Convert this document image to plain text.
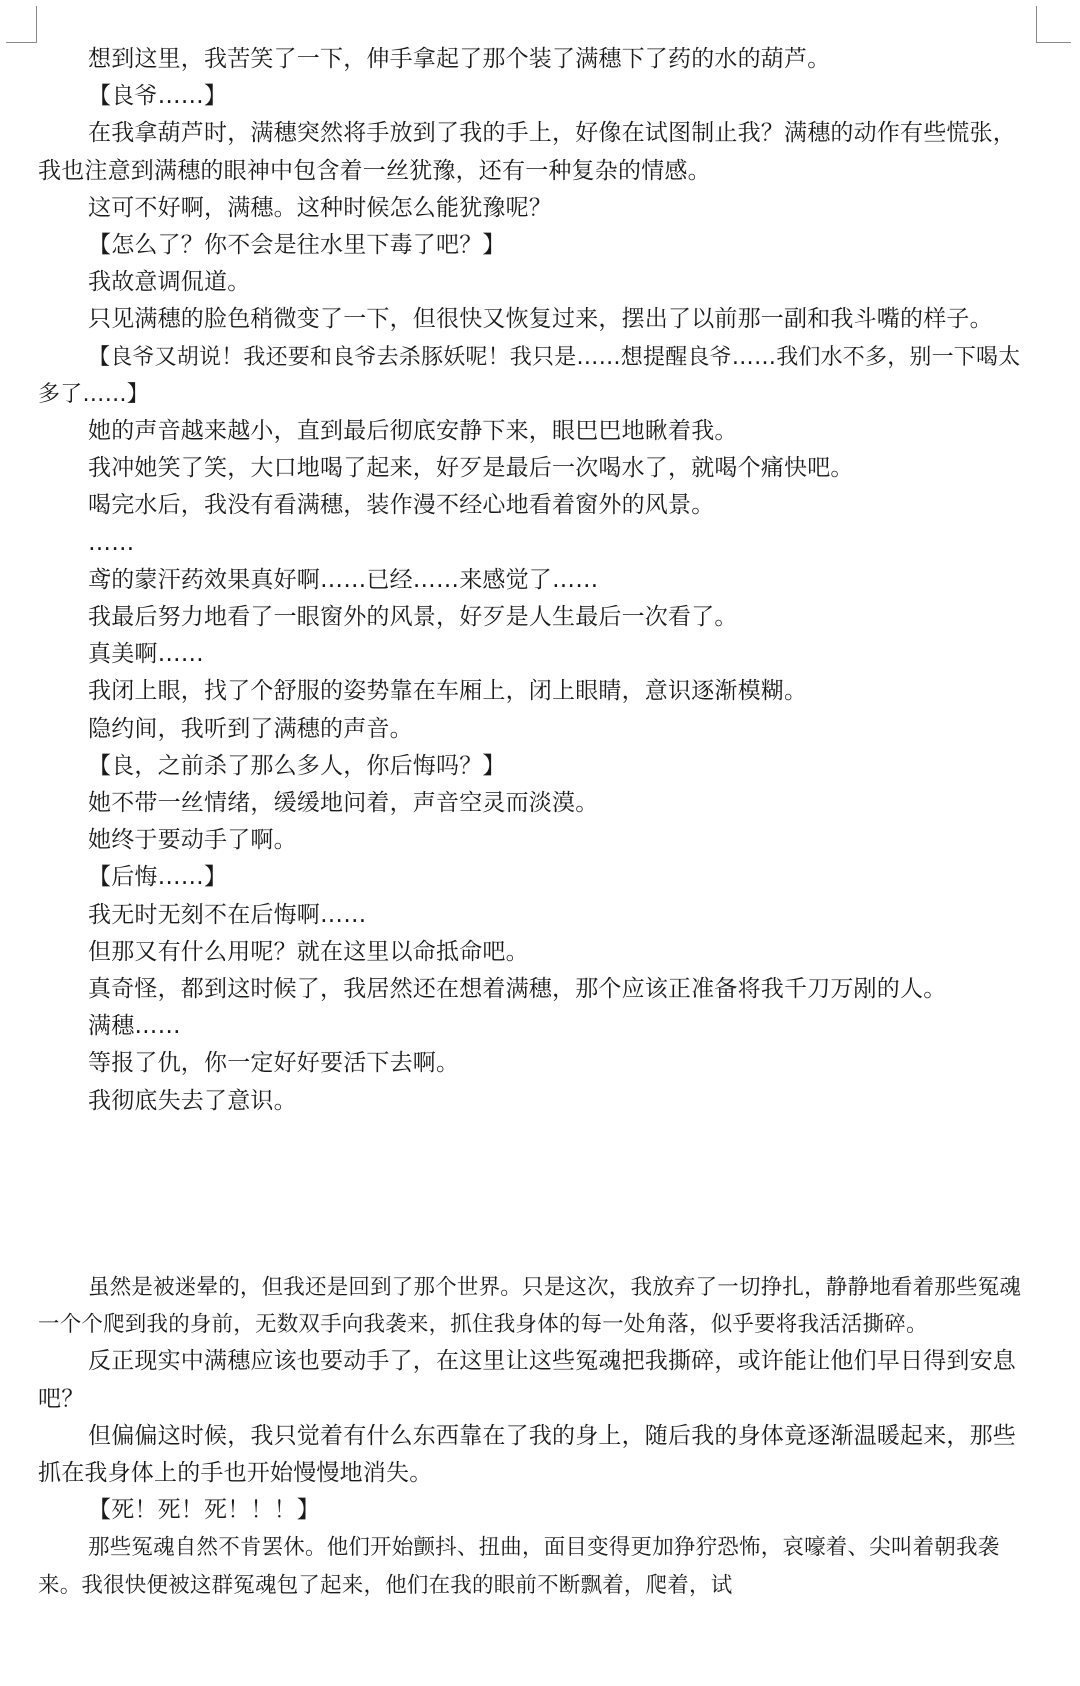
想到这里，我苦笑了一下，伸手拿起了那个装了满穗下了药的水的葫芦。

【良爷……】

在我拿葫芦时，满穗突然将手放到了我的手上，好像在试图制止我？满穗的动作有些慌张，我也注意到满穗的眼神中包含着一丝犹豫，还有一种复杂的情感。

这可不好啊，满穗。这种时候怎么能犹豫呢？

【怎么了？你不会是往水里下毒了吧？】

我故意调侃道。

只见满穗的脸色稍微变了一下，但很快又恢复过来，摆出了以前那一副和我斗嘴的样子。

【良爷又胡说！我还要和良爷去杀豚妖呢！我只是……想提醒良爷……我们水不多，别一下喝太多了……】

她的声音越来越小，直到最后彻底安静下来，眼巴巴地瞅着我。

我冲她笑了笑，大口地喝了起来，好歹是最后一次喝水了，就喝个痛快吧。

喝完水后，我没有看满穗，装作漫不经心地看着窗外的风景。

……

鸢的蒙汗药效果真好啊……已经……来感觉了……

我最后努力地看了一眼窗外的风景，好歹是人生最后一次看了。

真美啊……

我闭上眼，找了个舒服的姿势靠在车厢上，闭上眼睛，意识逐渐模糊。

隐约间，我听到了满穗的声音。

【良，之前杀了那么多人，你后悔吗？】

她不带一丝情绪，缓缓地问着，声音空灵而淡漠。

她终于要动手了啊。

【后悔……】

我无时无刻不在后悔啊……

但那又有什么用呢？就在这里以命抵命吧。

真奇怪，都到这时候了，我居然还在想着满穗，那个应该正准备将我千刀万剐的人。

满穗……

等报了仇，你一定好好要活下去啊。

我彻底失去了意识。

虽然是被迷晕的，但我还是回到了那个世界。只是这次，我放弃了一切挣扎，静静地看着那些冤魂一个个爬到我的身前，无数双手向我袭来，抓住我身体的每一处角落，似乎要将我活活撕碎。

反正现实中满穗应该也要动手了，在这里让这些冤魂把我撕碎，或许能让他们早日得到安息吧？

但偏偏这时候，我只觉着有什么东西靠在了我的身上，随后我的身体竟逐渐温暖起来，那些抓在我身体上的手也开始慢慢地消失。

【死！死！死！！！】

那些冤魂自然不肯罢休。他们开始颤抖、扭曲，面目变得更加狰狞恐怖，哀嚎着、尖叫着朝我袭来。我很快便被这群冤魂包了起来，他们在我的眼前不断飘着，爬着，试
